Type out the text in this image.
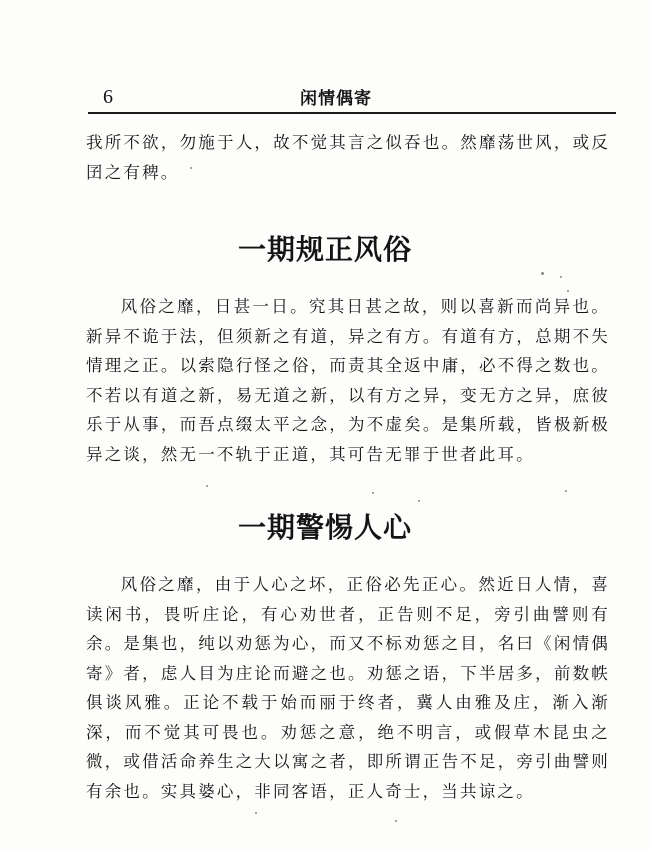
6	闲情偶寄

我所不欲，勿施于人，故不觉其言之似吞也。然靡荡世风，或反囝之有稗。

一期规正风俗

风俗之靡，日甚一日。究其日甚之故，则以喜新而尚异也。新异不诡于法，但须新之有道，异之有方。有道有方，总期不失情理之正。以索隐行怪之俗，而责其全返中庸，必不得之数也。不若以有道之新，易无道之新，以有方之异，变无方之异，庶彼乐于从事，而吾点缀太平之念，为不虚矣。是集所载，皆极新极异之谈，然无一不轨于正道，其可告无罪于世者此耳。

一期警惕人心

风俗之靡，由于人心之坏，正俗必先正心。然近日人情，喜读闲书，畏听庄论，有心劝世者，正告则不足，旁引曲譬则有余。是集也，纯以劝惩为心，而又不标劝惩之目，名曰《闲情偶寄》者，虑人目为庄论而避之也。劝惩之语，下半居多，前数帙俱谈风雅。正论不载于始而丽于终者，冀人由雅及庄，渐入渐深，而不觉其可畏也。劝惩之意，绝不明言，或假草木昆虫之微，或借活命养生之大以寓之者，即所谓正告不足，旁引曲譬则有余也。实具婆心，非同客语，正人奇士，当共谅之。
